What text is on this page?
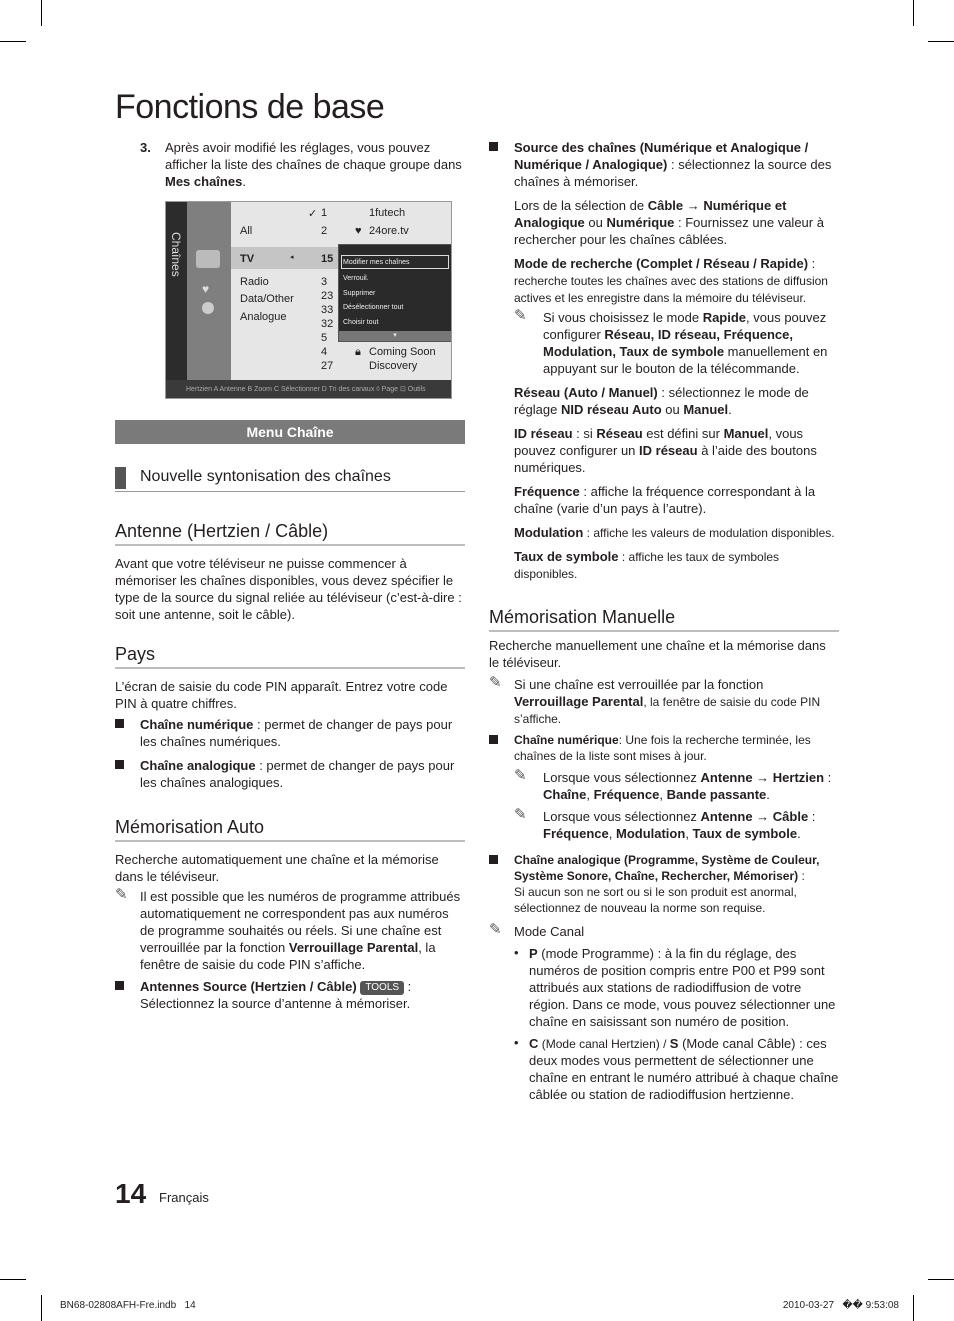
Fonctions de base
3.	Après avoir modifié les réglages, vous pouvez afficher la liste des chaînes de chaque groupe dans Mes chaînes.

Chaînes
♥
All
TV
Radio
Data/Other
Analogue
✓
◂
1
2
15
3
23
33
32
5
4
27
1futech
♥ 24ore.tv
🔒︎ Coming Soon
Discovery
Modifier mes chaînes
Verrouil.
Supprimer
Désélectionner tout
Choisir tout
▾
Hertzien A Antenne B Zoom C Sélectionner D Tri des canaux ◊ Page ⊡ Outils
Menu Chaîne
Nouvelle syntonisation des chaînes
Antenne (Hertzien / Câble)

Avant que votre téléviseur ne puisse commencer à mémoriser les chaînes disponibles, vous devez spécifier le type de la source du signal reliée au téléviseur (c’est-à-dire : soit une antenne, soit le câble).

Pays

L’écran de saisie du code PIN apparaît. Entrez votre code PIN à quatre chiffres.

Chaîne numérique : permet de changer de pays pour les chaînes numériques.
Chaîne analogique : permet de changer de pays pour les chaînes analogiques.
Mémorisation Auto

Recherche automatiquement une chaîne et la mémorise dans le téléviseur.

✎ Il est possible que les numéros de programme attribués automatiquement ne correspondent pas aux numéros de programme souhaités ou réels. Si une chaîne est verrouillée par la fonction Verrouillage Parental, la fenêtre de saisie du code PIN s’affiche.
Antennes Source (Hertzien / Câble) TOOLS : Sélectionnez la source d’antenne à mémoriser.
Source des chaînes (Numérique et Analogique / Numérique / Analogique) : sélectionnez la source des chaînes à mémoriser.

Lors de la sélection de Câble → Numérique et Analogique ou Numérique : Fournissez une valeur à rechercher pour les chaînes câblées.

Mode de recherche (Complet / Réseau / Rapide) :
recherche toutes les chaînes avec des stations de diffusion actives et les enregistre dans la mémoire du téléviseur.

✎ Si vous choisissez le mode Rapide, vous pouvez configurer Réseau, ID réseau, Fréquence, Modulation, Taux de symbole manuellement en appuyant sur le bouton de la télécommande.

Réseau (Auto / Manuel) : sélectionnez le mode de réglage NID réseau Auto ou Manuel.

ID réseau : si Réseau est défini sur Manuel, vous pouvez configurer un ID réseau à l’aide des boutons numériques.

Fréquence : affiche la fréquence correspondant à la chaîne (varie d’un pays à l’autre).

Modulation : affiche les valeurs de modulation disponibles.

Taux de symbole : affiche les taux de symboles disponibles.

Mémorisation Manuelle

Recherche manuellement une chaîne et la mémorise dans le téléviseur.

✎ Si une chaîne est verrouillée par la fonction Verrouillage Parental, la fenêtre de saisie du code PIN s’affiche.
Chaîne numérique: Une fois la recherche terminée, les chaînes de la liste sont mises à jour.
✎ Lorsque vous sélectionnez Antenne → Hertzien : Chaîne, Fréquence, Bande passante.
✎ Lorsque vous sélectionnez Antenne → Câble : Fréquence, Modulation, Taux de symbole.
Chaîne analogique (Programme, Système de Couleur, Système Sonore, Chaîne, Rechercher, Mémoriser) :
Si aucun son ne sort ou si le son produit est anormal, sélectionnez de nouveau la norme son requise.
✎ Mode Canal
• P (mode Programme) : à la fin du réglage, des numéros de position compris entre P00 et P99 sont attribués aux stations de radiodiffusion de votre région. Dans ce mode, vous pouvez sélectionner une chaîne en saisissant son numéro de position.
• C (Mode canal Hertzien) / S (Mode canal Câble) : ces deux modes vous permettent de sélectionner une chaîne en entrant le numéro attribué à chaque chaîne câblée ou station de radiodiffusion hertzienne.
14 Français
BN68-02808AFH-Fre.indb   14	2010-03-27   �� 9:53:08
